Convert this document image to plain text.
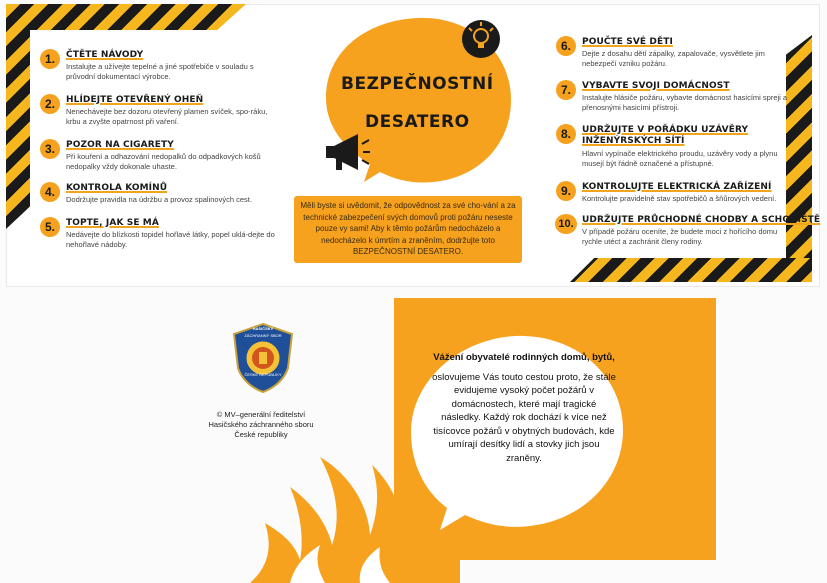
BEZPEČNOSTNÍ
DESATERO
Měli byste si uvědomit, že odpovědnost za své cho-vání a za technické zabezpečení svých domovů proti požáru neseste pouze vy sami! Aby k těmto požárům nedocházelo a nedocházelo k úmrtím a zraněním, dodržujte toto BEZPEČNOSTNÍ DESATERO.
1.	ČTĚTE NÁVODY
Instalujte a užívejte tepelné a jiné spotřebiče v souladu s průvodní dokumentací výrobce.
2.	HLÍDEJTE OTEVŘENÝ OHEŇ
Nenechávejte bez dozoru otevřený plamen svíček, spo-ráku, krbu a zvyšte opatrnost při vaření.
3.	POZOR NA CIGARETY
Při kouření a odhazování nedopalků do odpadkových košů nedopalky vždy dokonale uhaste.
4.	KONTROLA KOMÍNŮ
Dodržujte pravidla na údržbu a provoz spalinových cest.
5.	TOPTE, JAK SE MÁ
Nedávejte do blízkosti topidel hořlavé látky, popel uklá-dejte do nehořlavé nádoby.
6.	POUČTE SVÉ DĚTI
Dejte z dosahu dětí zápalky, zapalovače, vysvětlete jim nebezpečí vzniku požáru.
7.	VYBAVTE SVOJI DOMÁCNOST
Instalujte hlásiče požáru, vybavte domácnost hasicími spreji a přenosnými hasicími přístroji.
8.	UDRŽUJTE V POŘÁDKU UZÁVĚRY INŽENÝRSKÝCH SÍTÍ
Hlavní vypínače elektrického proudu, uzávěry vody a plynu musejí být řádně označené a přístupné.
9.	KONTROLUJTE ELEKTRICKÁ ZAŘÍZENÍ
Kontrolujte pravidelně stav spotřebičů a šňůrových vedení.
10. UDRŽUJTE PRŮCHODNÉ CHODBY A SCHODIŠTĚ
V případě požáru oceníte, že budete moci z hořícího domu rychle utéct a zachránit členy rodiny.
Vážení obyvatelé rodinných domů, bytů,
oslovujeme Vás touto cestou proto, že stále evidujeme vysoký počet požárů v domácnostech, které mají tragické následky. Každý rok dochází k více než tisícovce požárů v obytných budovách, kde umírají desítky lidí a stovky jich jsou zraněny.
HASIČSKÝ
ZÁCHRANNÝ SBOR
ČESKÉ REPUBLIKY
© MV–generální ředitelství
Hasičského záchranného sboru
České republiky
